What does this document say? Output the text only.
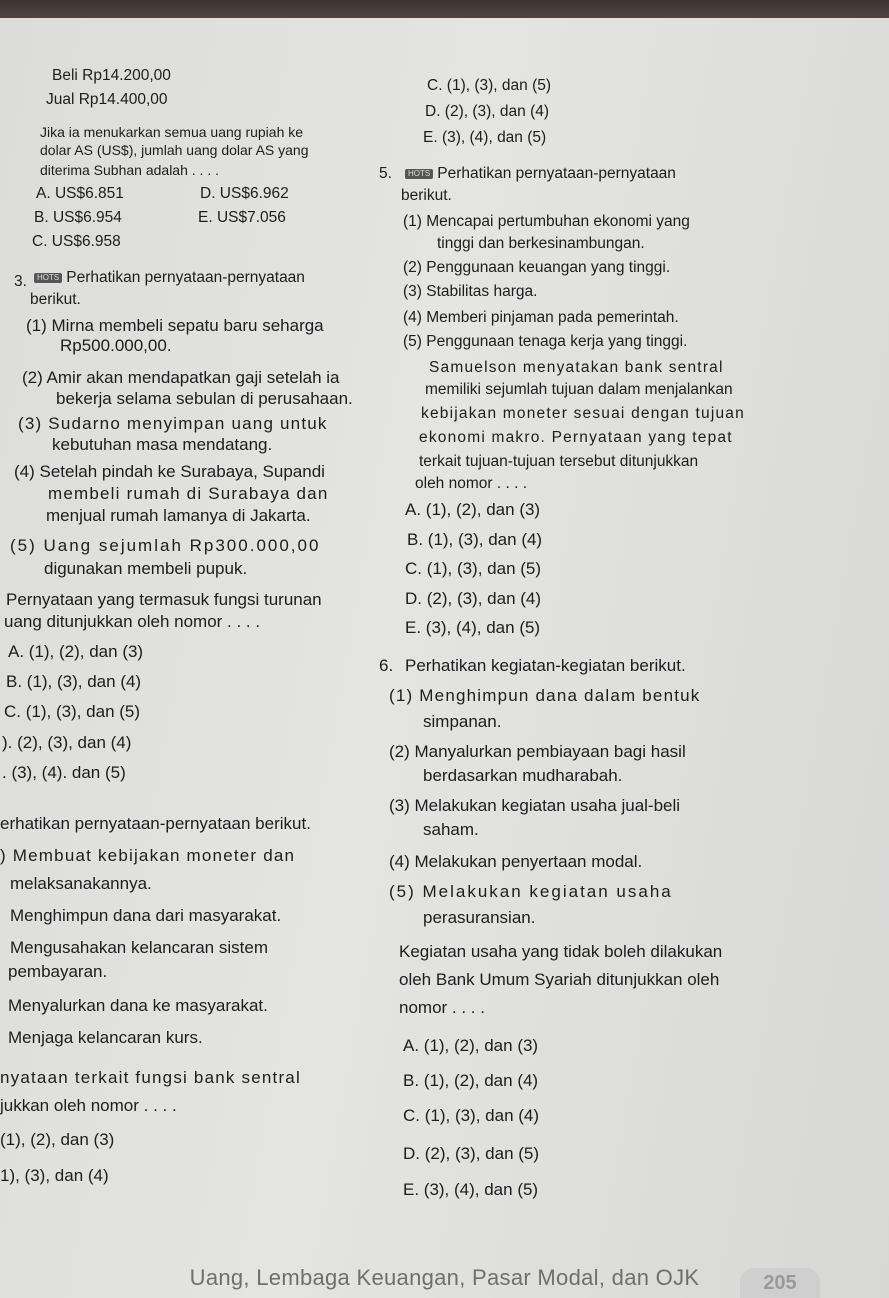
Beli Rp14.200,00
Jual Rp14.400,00
Jika ia menukarkan semua uang rupiah ke
dolar AS (US$), jumlah uang dolar AS yang
diterima Subhan adalah . . . .
A. US$6.851	D. US$6.962
B. US$6.954	E. US$7.056
C. US$6.958
3.	HOTS Perhatikan pernyataan-pernyataan
berikut.
(1) Mirna membeli sepatu baru seharga
Rp500.000,00.
(2) Amir akan mendapatkan gaji setelah ia
bekerja selama sebulan di perusahaan.
(3) Sudarno menyimpan uang untuk
kebutuhan masa mendatang.
(4) Setelah pindah ke Surabaya, Supandi
membeli rumah di Surabaya dan
menjual rumah lamanya di Jakarta.
(5) Uang sejumlah Rp300.000,00
digunakan membeli pupuk.
Pernyataan yang termasuk fungsi turunan
uang ditunjukkan oleh nomor . . . .
A. (1), (2), dan (3)
B. (1), (3), dan (4)
C. (1), (3), dan (5)
). (2), (3), dan (4)
. (3), (4). dan (5)
erhatikan pernyataan-pernyataan berikut.
) Membuat kebijakan moneter dan
melaksanakannya.
Menghimpun dana dari masyarakat.
Mengusahakan kelancaran sistem
pembayaran.
Menyalurkan dana ke masyarakat.
Menjaga kelancaran kurs.
nyataan terkait fungsi bank sentral
jukkan oleh nomor . . . .
(1), (2), dan (3)
1), (3), dan (4)
C. (1), (3), dan (5)
D. (2), (3), dan (4)
E. (3), (4), dan (5)
5.	HOTS Perhatikan pernyataan-pernyataan
berikut.
(1) Mencapai pertumbuhan ekonomi yang
tinggi dan berkesinambungan.
(2) Penggunaan keuangan yang tinggi.
(3) Stabilitas harga.
(4) Memberi pinjaman pada pemerintah.
(5) Penggunaan tenaga kerja yang tinggi.
Samuelson menyatakan bank sentral
memiliki sejumlah tujuan dalam menjalankan
kebijakan moneter sesuai dengan tujuan
ekonomi makro. Pernyataan yang tepat
terkait tujuan-tujuan tersebut ditunjukkan
oleh nomor . . . .
A. (1), (2), dan (3)
B. (1), (3), dan (4)
C. (1), (3), dan (5)
D. (2), (3), dan (4)
E. (3), (4), dan (5)
6. Perhatikan kegiatan-kegiatan berikut.
(1) Menghimpun dana dalam bentuk
simpanan.
(2) Manyalurkan pembiayaan bagi hasil
berdasarkan mudharabah.
(3) Melakukan kegiatan usaha jual-beli
saham.
(4) Melakukan penyertaan modal.
(5) Melakukan kegiatan usaha
perasuransian.
Kegiatan usaha yang tidak boleh dilakukan
oleh Bank Umum Syariah ditunjukkan oleh
nomor . . . .
A. (1), (2), dan (3)
B. (1), (2), dan (4)
C. (1), (3), dan (4)
D. (2), (3), dan (5)
E. (3), (4), dan (5)
Uang, Lembaga Keuangan, Pasar Modal, dan OJK	205
